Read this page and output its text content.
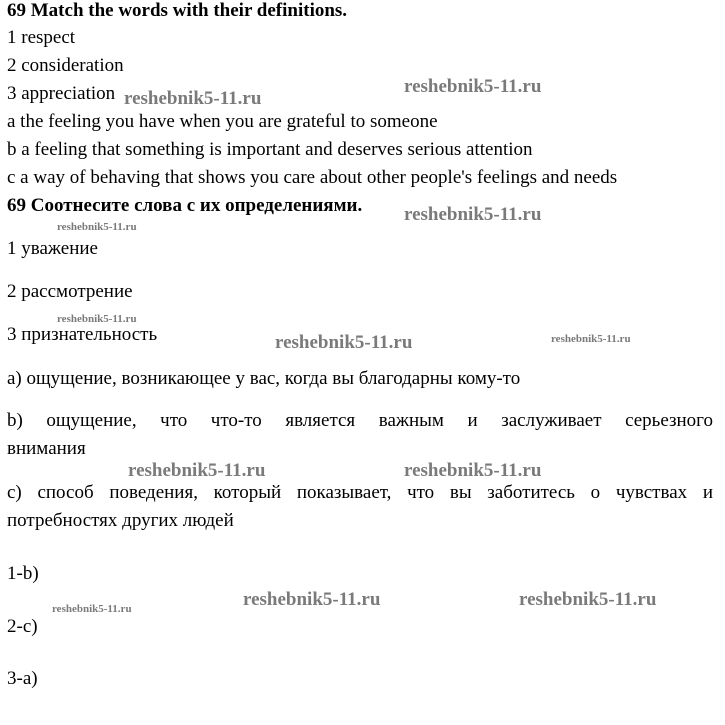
69 Match the words with their definitions.
1 respect
2 consideration
3 appreciation
a the feeling you have when you are grateful to someone
b a feeling that something is important and deserves serious attention
c a way of behaving that shows you care about other people's feelings and needs
69 Соотнесите слова с их определениями.
1 уважение
2 рассмотрение
3 признательность
а) ощущение, возникающее у вас, когда вы благодарны кому-то
b) ощущение, что что-то является важным и заслуживает серьезного
внимания
с) способ поведения, который показывает, что вы заботитесь о чувствах и
потребностях других людей
1-b)
2-c)
3-a)
reshebnik5-11.ru
reshebnik5-11.ru
reshebnik5-11.ru
reshebnik5-11.ru
reshebnik5-11.ru
reshebnik5-11.ru	reshebnik5-11.ru
reshebnik5-11.ru	reshebnik5-11.ru
reshebnik5-11.ru	reshebnik5-11.ru
reshebnik5-11.ru
